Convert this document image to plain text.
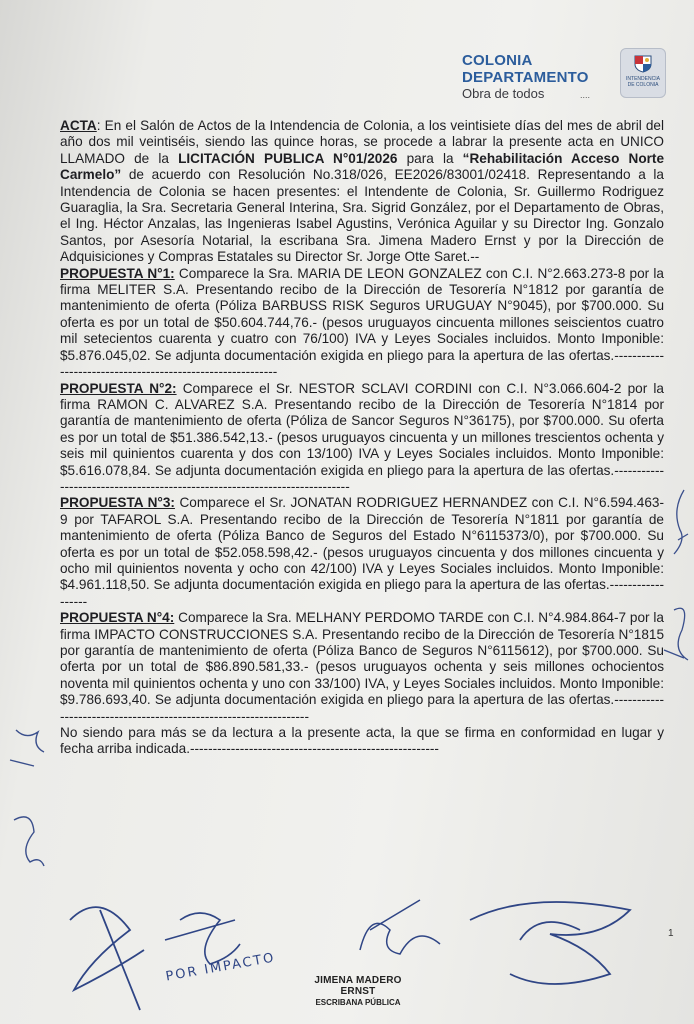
COLONIA
DEPARTAMENTO
Obra de todos	....
INTENDENCIA DE COLONIA

ACTA: En el Salón de Actos de la Intendencia de Colonia, a los veintisiete días del mes de abril del año dos mil veintiséis, siendo las quince horas, se procede a labrar la presente acta en UNICO LLAMADO de la LICITACIÓN PUBLICA N°01/2026 para la “Rehabilitación Acceso Norte Carmelo” de acuerdo con Resolución No.318/026, EE2026/83001/02418. Representando a la Intendencia de Colonia se hacen presentes: el Intendente de Colonia, Sr. Guillermo Rodriguez Guaraglia, la Sra. Secretaria General Interina, Sra. Sigrid González, por el Departamento de Obras, el Ing. Héctor Anzalas, las Ingenieras Isabel Agustins, Verónica Aguilar y su Director Ing. Gonzalo Santos, por Asesoría Notarial, la escribana Sra. Jimena Madero Ernst y por la Dirección de Adquisiciones y Compras Estatales su Director Sr. Jorge Otte Saret.--

PROPUESTA N°1: Comparece la Sra. MARIA DE LEON GONZALEZ con C.I. N°2.663.273-8 por la firma MELITER S.A. Presentando recibo de la Dirección de Tesorería N°1812 por garantía de mantenimiento de oferta (Póliza BARBUSS RISK Seguros URUGUAY N°9045), por $700.000. Su oferta es por un total de $50.604.744,76.- (pesos uruguayos cincuenta millones seiscientos cuatro mil setecientos cuarenta y cuatro con 76/100) IVA y Leyes Sociales incluidos. Monto Imponible: $5.876.045,02. Se adjunta documentación exigida en pliego para la apertura de las ofertas.-----------------------------------------------------------

PROPUESTA N°2: Comparece el Sr. NESTOR SCLAVI CORDINI con C.I. N°3.066.604-2 por la firma RAMON C. ALVAREZ S.A. Presentando recibo de la Dirección de Tesorería N°1814 por garantía de mantenimiento de oferta (Póliza de Sancor Seguros N°36175), por $700.000. Su oferta es por un total de $51.386.542,13.- (pesos uruguayos cincuenta y un millones trescientos ochenta y seis mil quinientos cuarenta y dos con 13/100) IVA y Leyes Sociales incluidos. Monto Imponible: $5.616.078,84. Se adjunta documentación exigida en pliego para la apertura de las ofertas.---------------------------------------------------------------------------

PROPUESTA N°3: Comparece el Sr. JONATAN RODRIGUEZ HERNANDEZ con C.I. N°6.594.463-9 por TAFAROL S.A. Presentando recibo de la Dirección de Tesorería N°1811 por garantía de mantenimiento de oferta (Póliza Banco de Seguros del Estado N°6115373/0), por $700.000. Su oferta es por un total de $52.058.598,42.- (pesos uruguayos cincuenta y dos millones cincuenta y ocho mil quinientos noventa y ocho con 42/100) IVA y Leyes Sociales incluidos. Monto Imponible: $4.961.118,50. Se adjunta documentación exigida en pliego para la apertura de las ofertas.------------------

PROPUESTA N°4: Comparece la Sra. MELHANY PERDOMO TARDE con C.I. N°4.984.864-7 por la firma IMPACTO CONSTRUCCIONES S.A. Presentando recibo de la Dirección de Tesorería N°1815 por garantía de mantenimiento de oferta (Póliza Banco de Seguros N°6115612), por $700.000. Su oferta por un total de $86.890.581,33.- (pesos uruguayos ochenta y seis millones ochocientos noventa mil quinientos ochenta y uno con 33/100) IVA, y Leyes Sociales incluidos. Monto Imponible: $9.786.693,40. Se adjunta documentación exigida en pliego para la apertura de las ofertas.------------------------------------------------------------------

No siendo para más se da lectura a la presente acta, la que se firma en conformidad en lugar y fecha arriba indicada.-------------------------------------------------------

POR IMPACTO	JIMENA MADERO ERNST
ESCRIBANA PÚBLICA
1
